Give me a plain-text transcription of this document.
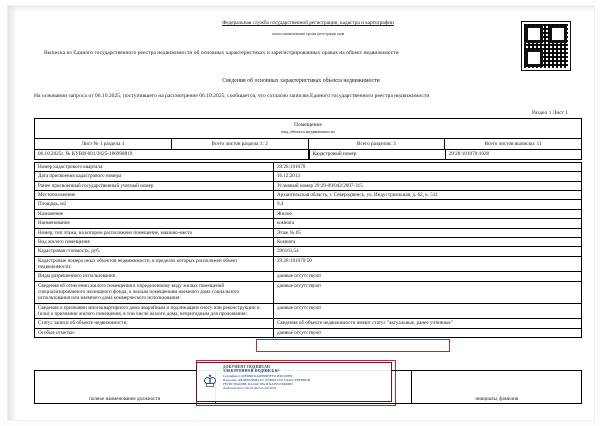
Федеральная служба государственной регистрации, кадастра и картографии
полное наименование органа регистрации прав
Выписка из Единого государственного реестра недвижимости об основных характеристиках и зарегистрированных правах на объект недвижимости
Сведения об основных характеристиках объекта недвижимости
На основании запроса от 06.10.2025, поступившего на рассмотрение 06.10.2025, сообщается, что согласно записям Единого государственного реестра недвижимости
Раздел 1 Лист 1
Помещение
вид объекта недвижимости

Лист № 1 раздела 1	Всего листов раздела 1: 2	Всего разделов: 3	Всего листов выписки: 11
06.10.2025г. № КУВИ-001/2025-186998819		Кадастровый номер	29:28:101070:1028
Номер кадастрового квартала	29:28:101070
Дата присвоения кадастрового номера	16.12.2013
Ранее присвоенный государственный учетный номер	Условный номер 29:29-09/042/2007-315
Местоположение	Архангельская область, г. Северодвинск, ул. Индустриальная, д. 62, к. 511
Площадь, м2	9,4
Назначение	Жилое
Наименование	комната
Номер, тип этажа, на котором расположено помещение, машино-место	Этаж № 05
Вид жилого помещения	Комната
Кадастровая стоимость, руб.	396161,54
Кадастровые номера иных объектов недвижимости, в пределах которых расположен объект недвижимости:	29:28:101070:50
Виды разрешенного использования	данные отсутствуют
Сведения об отнесении жилого помещения к определенному виду жилых помещений специализированного жилищного фонда, к жилым помещениям наемного дома социального использования или наемного дома коммерческого использования:	данные отсутствуют
Сведения о признании многоквартирного дома аварийным и подлежащим сносу или реконструкции и (или) о признании жилого помещения, в том числе жилого дома, непригодным для проживания:	данные отсутствуют
Статус записи об объекте недвижимости:	Сведения об объекте недвижимости имеют статус "актуальные, ранее учтенные"
Особые отметки:	данные отсутствуют
полное наименование должности		инициалы, фамилия
♔
ДОКУМЕНТ ПОДПИСАН
ЭЛЕКТРОННОЙ ПОДПИСЬЮ
Сертификат: 00E6B0D1A4E8D09FF11D391198E9
Владелец: ФЕДЕРАЛЬНАЯ СЛУЖБА ГОСУДАРСТВЕННОЙ
РЕГИСТРАЦИИ, КАДАСТРА И КАРТОГРАФИИ
Действителен с 06.10.2025 по 06.2029
